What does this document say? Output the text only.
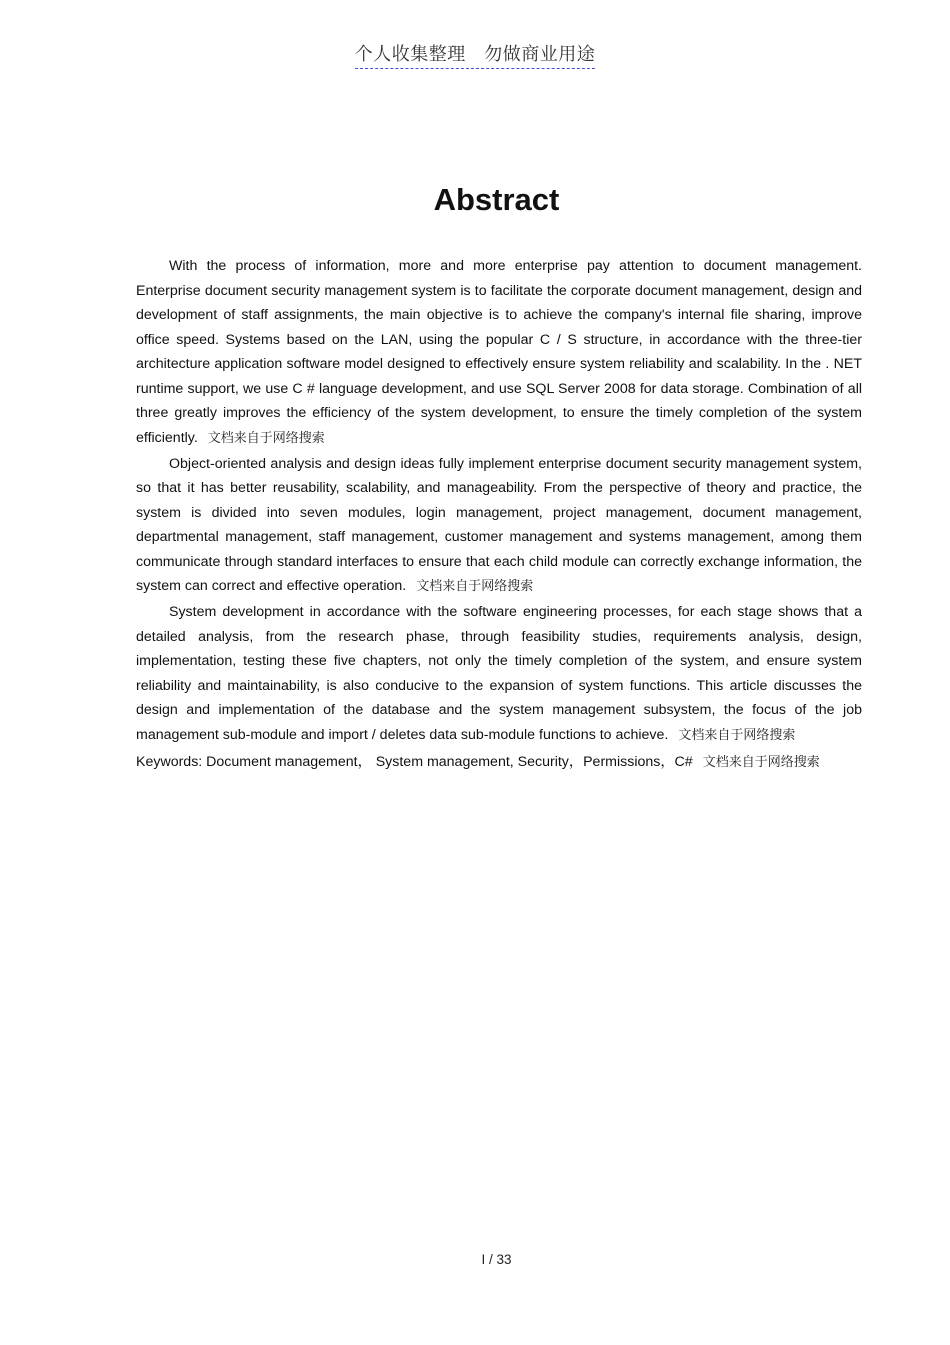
个人收集整理　勿做商业用途
Abstract

With the process of information, more and more enterprise pay attention to document management. Enterprise document security management system is to facilitate the corporate document management, design and development of staff assignments, the main objective is to achieve the company's internal file sharing, improve office speed. Systems based on the LAN, using the popular C / S structure, in accordance with the three-tier architecture application software model designed to effectively ensure system reliability and scalability. In the . NET runtime support, we use C # language development, and use SQL Server 2008 for data storage. Combination of all three greatly improves the efficiency of the system development, to ensure the timely completion of the system efficiently. 文档来自于网络搜索

Object-oriented analysis and design ideas fully implement enterprise document security management system, so that it has better reusability, scalability, and manageability. From the perspective of theory and practice, the system is divided into seven modules, login management, project management, document management, departmental management, staff management, customer management and systems management, among them communicate through standard interfaces to ensure that each child module can correctly exchange information, the system can correct and effective operation. 文档来自于网络搜索

System development in accordance with the software engineering processes, for each stage shows that a detailed analysis, from the research phase, through feasibility studies, requirements analysis, design, implementation, testing these five chapters, not only the timely completion of the system, and ensure system reliability and maintainability, is also conducive to the expansion of system functions. This article discusses the design and implementation of the database and the system management subsystem, the focus of the job management sub-module and import / deletes data sub-module functions to achieve. 文档来自于网络搜索

Keywords: Document management， System management, Security，Permissions，C# 文档来自于网络搜索

I / 33
